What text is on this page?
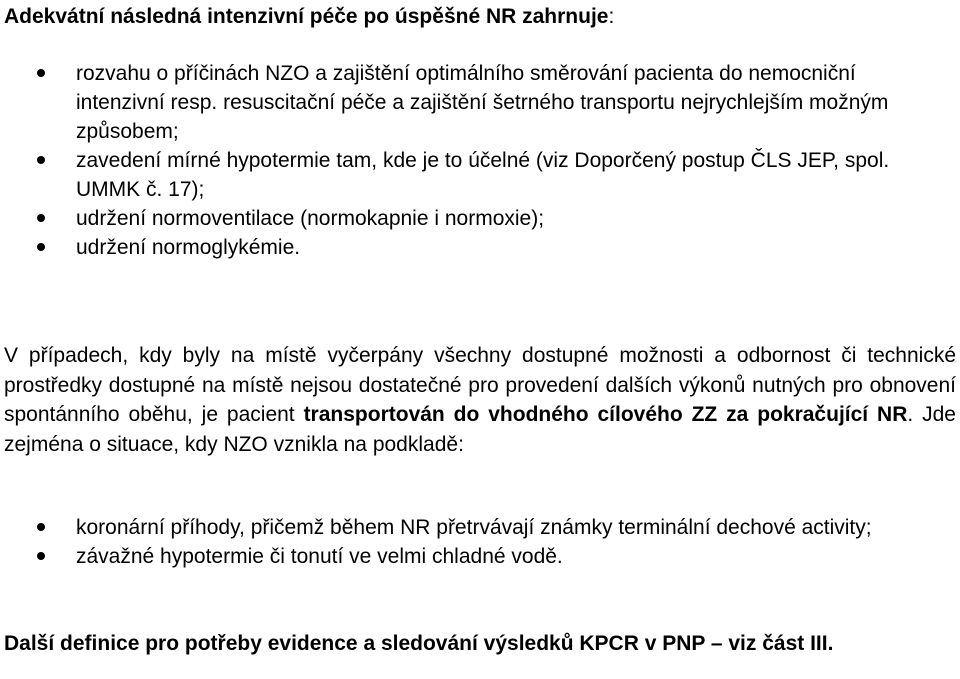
Adekvátní následná intenzivní péče po úspěšné NR zahrnuje:

rozvahu o příčinách NZO a zajištění optimálního směrování pacienta do nemocniční intenzivní resp. resuscitační péče a zajištění šetrného transportu nejrychlejším možným způsobem;
zavedení mírné hypotermie tam, kde je to účelné (viz Doporčený postup ČLS JEP, spol. UMMK č. 17);
udržení normoventilace (normokapnie i normoxie);
udržení normoglykémie.

V případech, kdy byly na místě vyčerpány všechny dostupné možnosti a odbornost či technické prostředky dostupné na místě nejsou dostatečné pro provedení dalších výkonů nutných pro obnovení spontánního oběhu, je pacient transportován do vhodného cílového ZZ za pokračující NR. Jde zejména o situace, kdy NZO vznikla na podkladě:

koronární příhody, přičemž během NR přetrvávají známky terminální dechové activity;
závažné hypotermie či tonutí ve velmi chladné vodě.

Další definice pro potřeby evidence a sledování výsledků KPCR v PNP – viz část III.
